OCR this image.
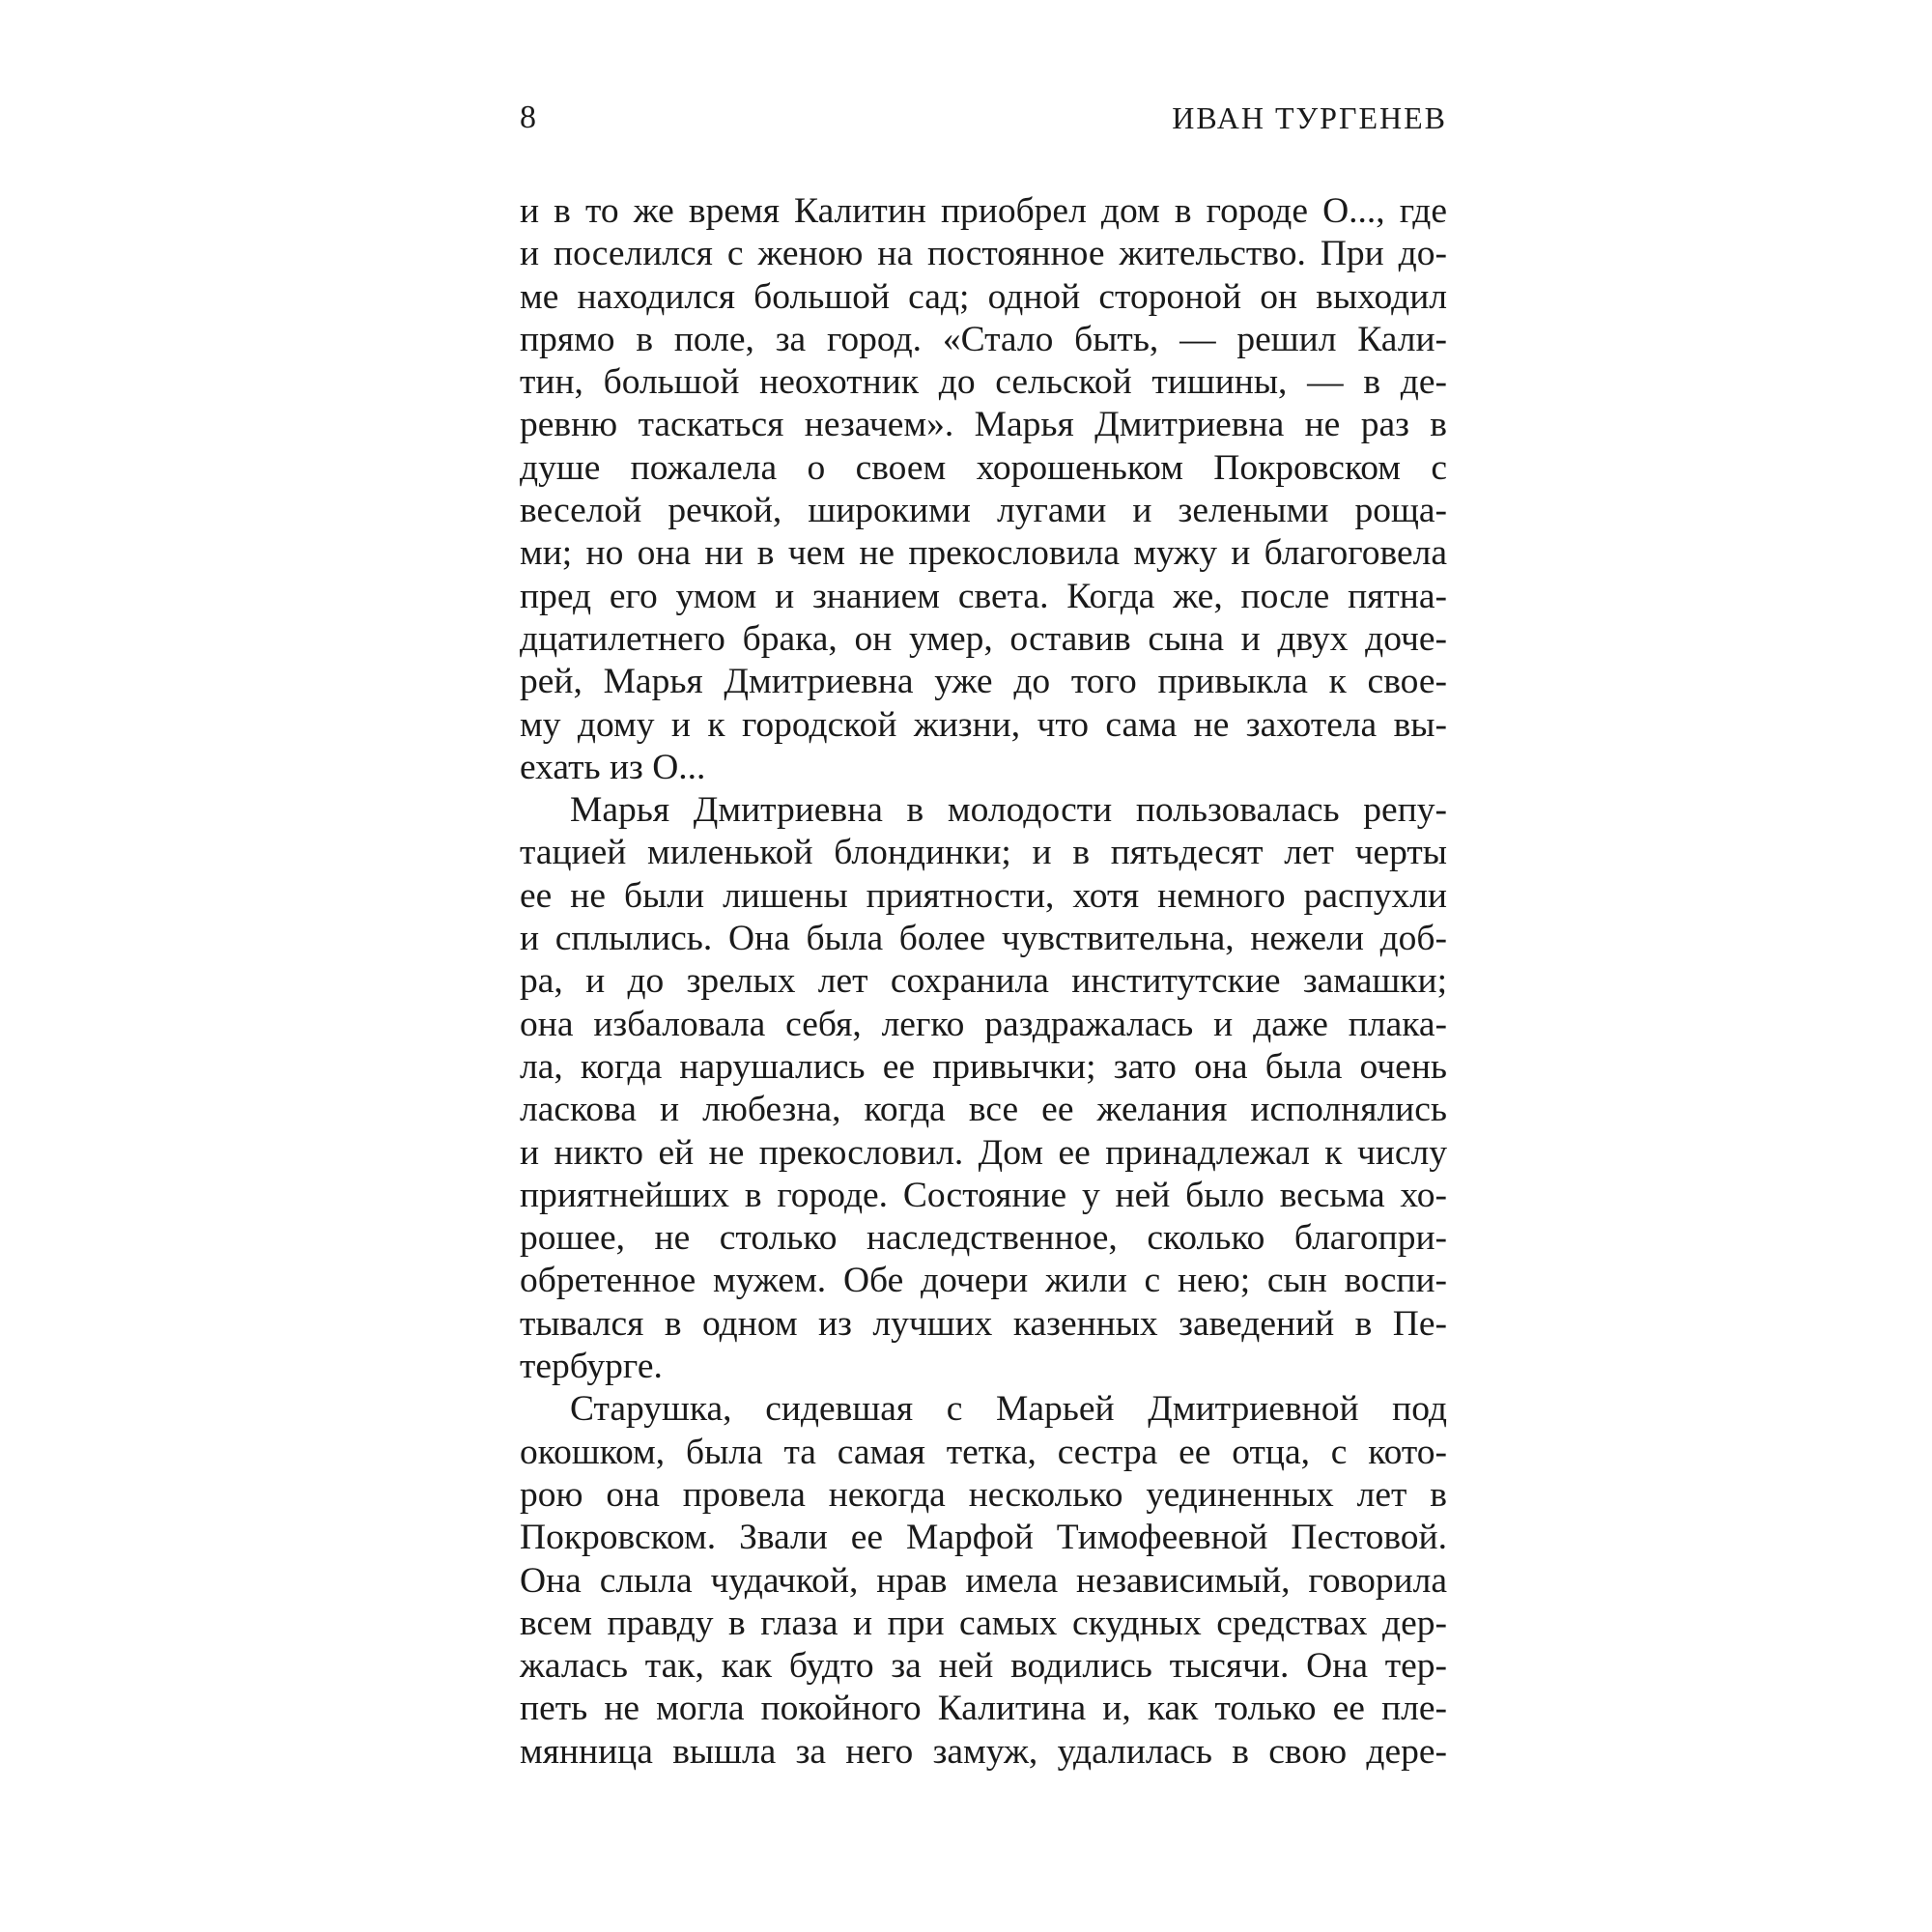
8	ИВАН ТУРГЕНЕВ
и в то же время Калитин приобрел дом в городе О..., где
и поселился с женою на постоянное жительство. При до-
ме находился большой сад; одной стороной он выходил
прямо в поле, за город. «Стало быть, — решил Кали-
тин, большой неохотник до сельской тишины, — в де-
ревню таскаться незачем». Марья Дмитриевна не раз в
душе пожалела о своем хорошеньком Покровском с
веселой речкой, широкими лугами и зелеными роща-
ми; но она ни в чем не прекословила мужу и благоговела
пред его умом и знанием света. Когда же, после пятна-
дцатилетнего брака, он умер, оставив сына и двух доче-
рей, Марья Дмитриевна уже до того привыкла к свое-
му дому и к городской жизни, что сама не захотела вы-
ехать из О...
Марья Дмитриевна в молодости пользовалась репу-
тацией миленькой блондинки; и в пятьдесят лет черты
ее не были лишены приятности, хотя немного распухли
и сплылись. Она была более чувствительна, нежели доб-
ра, и до зрелых лет сохранила институтские замашки;
она избаловала себя, легко раздражалась и даже плака-
ла, когда нарушались ее привычки; зато она была очень
ласкова и любезна, когда все ее желания исполнялись
и никто ей не прекословил. Дом ее принадлежал к числу
приятнейших в городе. Состояние у ней было весьма хо-
рошее, не столько наследственное, сколько благопри-
обретенное мужем. Обе дочери жили с нею; сын воспи-
тывался в одном из лучших казенных заведений в Пе-
тербурге.
Старушка, сидевшая с Марьей Дмитриевной под
окошком, была та самая тетка, сестра ее отца, с кото-
рою она провела некогда несколько уединенных лет в
Покровском. Звали ее Марфой Тимофеевной Пестовой.
Она слыла чудачкой, нрав имела независимый, говорила
всем правду в глаза и при самых скудных средствах дер-
жалась так, как будто за ней водились тысячи. Она тер-
петь не могла покойного Калитина и, как только ее пле-
мянница вышла за него замуж, удалилась в свою дере-
